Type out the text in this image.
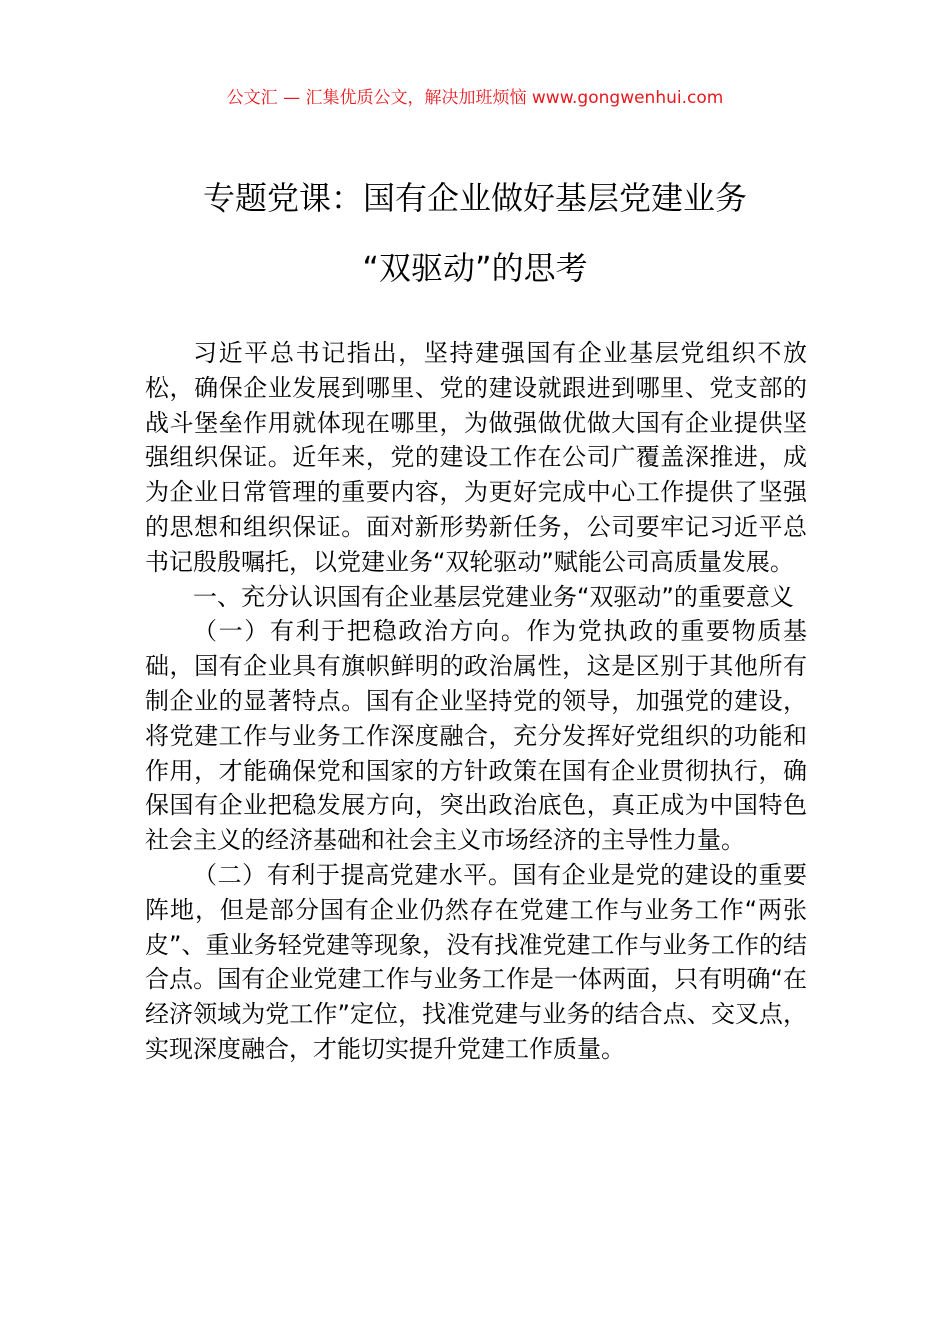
公文汇 — 汇集优质公文，解决加班烦恼 www.gongwenhui.com
专题党课：国有企业做好基层党建业务
“双驱动”的思考

习近平总书记指出，坚持建强国有企业基层党组织不放松，确保企业发展到哪里、党的建设就跟进到哪里、党支部的战斗堡垒作用就体现在哪里，为做强做优做大国有企业提供坚强组织保证。近年来，党的建设工作在公司广覆盖深推进，成为企业日常管理的重要内容，为更好完成中心工作提供了坚强的思想和组织保证。面对新形势新任务，公司要牢记习近平总书记殷殷嘱托，以党建业务“双轮驱动”赋能公司高质量发展。

一、充分认识国有企业基层党建业务“双驱动”的重要意义

（一）有利于把稳政治方向。作为党执政的重要物质基础，国有企业具有旗帜鲜明的政治属性，这是区别于其他所有制企业的显著特点。国有企业坚持党的领导，加强党的建设，将党建工作与业务工作深度融合，充分发挥好党组织的功能和作用，才能确保党和国家的方针政策在国有企业贯彻执行，确保国有企业把稳发展方向，突出政治底色，真正成为中国特色社会主义的经济基础和社会主义市场经济的主导性力量。

（二）有利于提高党建水平。国有企业是党的建设的重要阵地，但是部分国有企业仍然存在党建工作与业务工作“两张皮”、重业务轻党建等现象，没有找准党建工作与业务工作的结合点。国有企业党建工作与业务工作是一体两面，只有明确“在经济领域为党工作”定位，找准党建与业务的结合点、交叉点，实现深度融合，才能切实提升党建工作质量。
